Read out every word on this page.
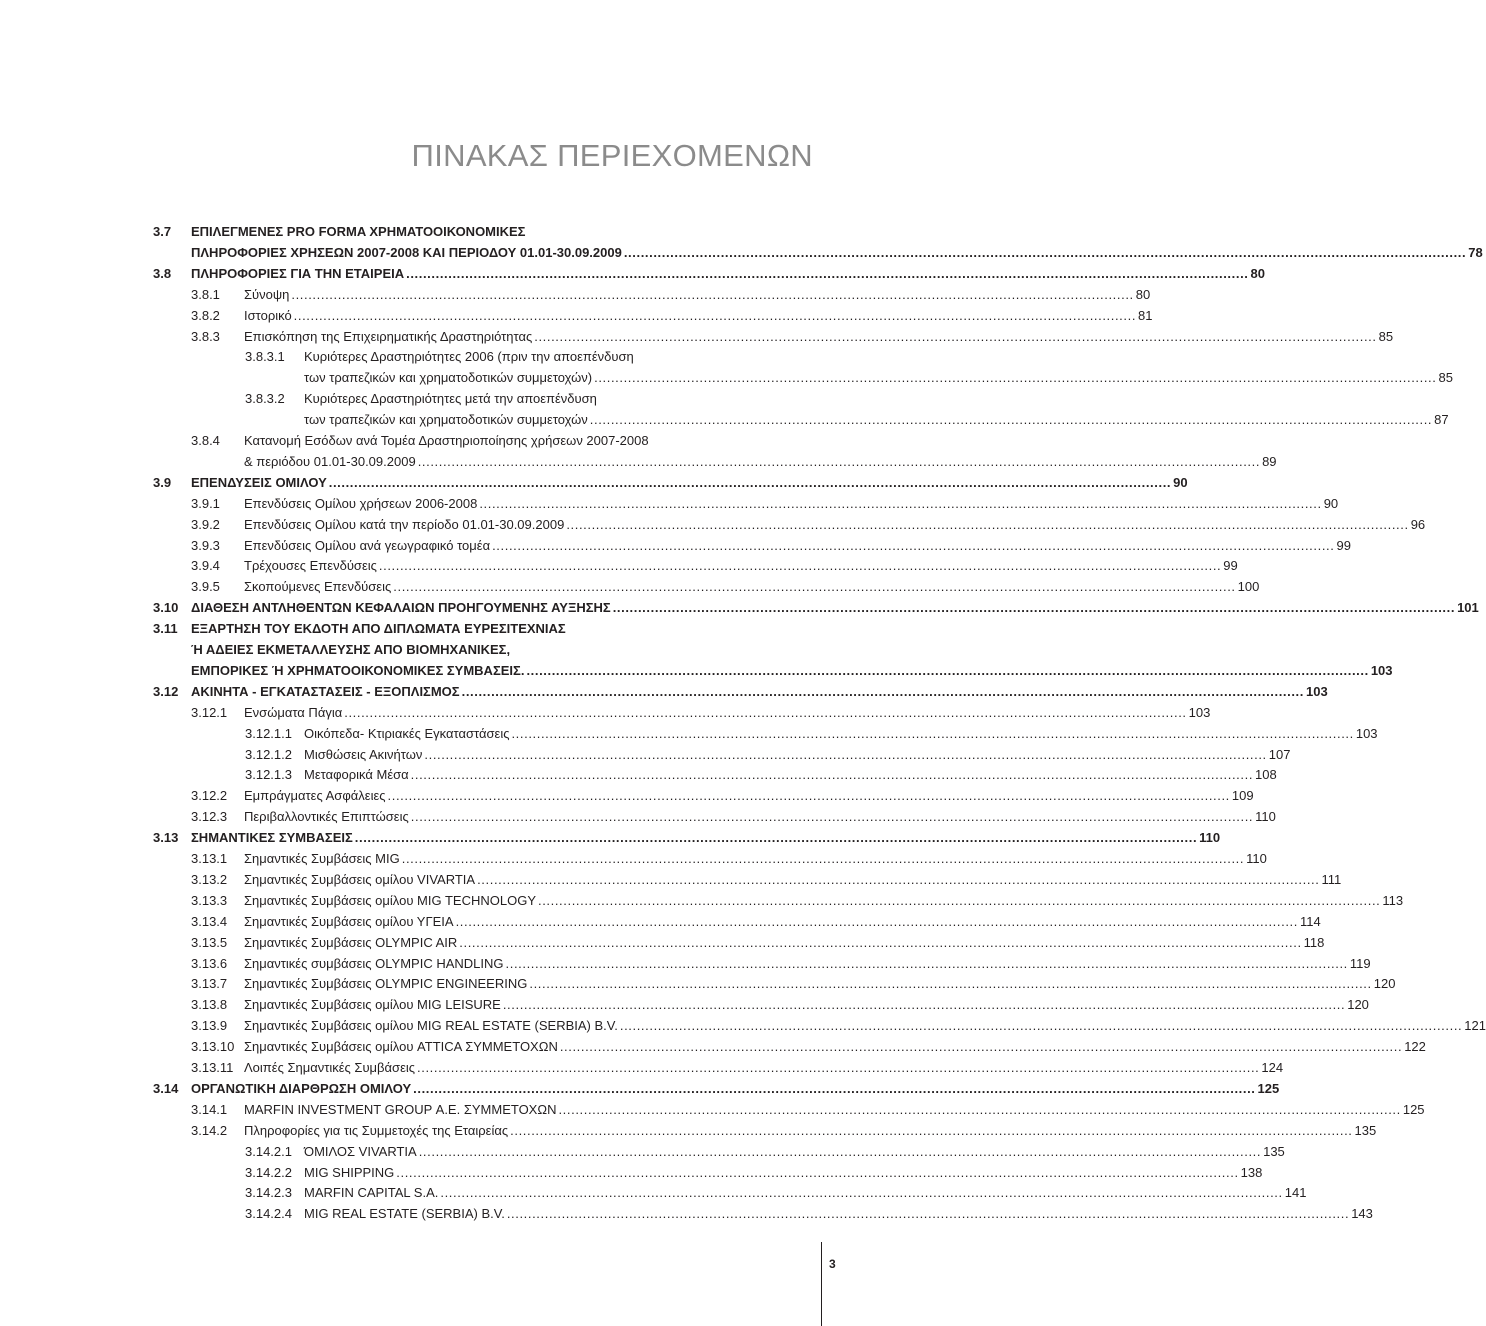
ΠΙΝΑΚΑΣ ΠΕΡΙΕΧΟΜΕΝΩΝ
3.7 ΕΠΙΛΕΓΜΕΝΕΣ PRO FORMA ΧΡΗΜΑΤΟΟΙΚΟΝΟΜΙΚΕΣ
ΠΛΗΡΟΦΟΡΙΕΣ ΧΡΗΣΕΩΝ 2007-2008 ΚΑΙ ΠΕΡΙΟΔΟΥ 01.01-30.09.2009 ........................................................................................................................................................................................................ 78
3.8 ΠΛΗΡΟΦΟΡΙΕΣ ΓΙΑ ΤΗΝ ΕΤΑΙΡΕΙΑ ........................................................................................................................................................................................................ 80
3.8.1 Σύνοψη ........................................................................................................................................................................................................ 80
3.8.2 Ιστορικό ........................................................................................................................................................................................................ 81
3.8.3 Επισκόπηση της Επιχειρηματικής Δραστηριότητας ........................................................................................................................................................................................................ 85
3.8.3.1 Κυριότερες Δραστηριότητες 2006 (πριν την αποεπένδυση
των τραπεζικών και χρηματοδοτικών συμμετοχών) ........................................................................................................................................................................................................ 85
3.8.3.2 Κυριότερες Δραστηριότητες μετά την αποεπένδυση
των τραπεζικών και χρηματοδοτικών συμμετοχών ........................................................................................................................................................................................................ 87
3.8.4 Κατανομή Εσόδων ανά Τομέα Δραστηριοποίησης χρήσεων 2007-2008
& περιόδου 01.01-30.09.2009 ........................................................................................................................................................................................................ 89
3.9 ΕΠΕΝΔΥΣΕΙΣ ΟΜΙΛΟΥ ........................................................................................................................................................................................................ 90
3.9.1 Επενδύσεις Ομίλου χρήσεων 2006-2008 ........................................................................................................................................................................................................ 90
3.9.2 Επενδύσεις Ομίλου κατά την περίοδο 01.01-30.09.2009 ........................................................................................................................................................................................................ 96
3.9.3 Επενδύσεις Ομίλου ανά γεωγραφικό τομέα ........................................................................................................................................................................................................ 99
3.9.4 Τρέχουσες Επενδύσεις ........................................................................................................................................................................................................ 99
3.9.5 Σκοπούμενες Επενδύσεις ........................................................................................................................................................................................................ 100
3.10 ΔΙΑΘΕΣΗ ΑΝΤΛΗΘΕΝΤΩΝ ΚΕΦΑΛΑΙΩΝ ΠΡΟΗΓΟΥΜΕΝΗΣ ΑΥΞΗΣΗΣ ........................................................................................................................................................................................................ 101
3.11 ΕΞΑΡΤΗΣΗ ΤΟΥ ΕΚΔΟΤΗ ΑΠΟ ΔΙΠΛΩΜΑΤΑ ΕΥΡΕΣΙΤΕΧΝΙΑΣ
Ή ΑΔΕΙΕΣ ΕΚΜΕΤΑΛΛΕΥΣΗΣ ΑΠΟ ΒΙΟΜΗΧΑΝΙΚΕΣ,
ΕΜΠΟΡΙΚΕΣ Ή ΧΡΗΜΑΤΟΟΙΚΟΝΟΜΙΚΕΣ ΣΥΜΒΑΣΕΙΣ. ........................................................................................................................................................................................................ 103
3.12 ΑΚΙΝΗΤΑ - ΕΓΚΑΤΑΣΤΑΣΕΙΣ - ΕΞΟΠΛΙΣΜΟΣ ........................................................................................................................................................................................................ 103
3.12.1 Ενσώματα Πάγια ........................................................................................................................................................................................................ 103
3.12.1.1 Οικόπεδα- Κτιριακές Εγκαταστάσεις ........................................................................................................................................................................................................ 103
3.12.1.2 Μισθώσεις Ακινήτων ........................................................................................................................................................................................................ 107
3.12.1.3 Μεταφορικά Μέσα ........................................................................................................................................................................................................ 108
3.12.2 Εμπράγματες Ασφάλειες ........................................................................................................................................................................................................ 109
3.12.3 Περιβαλλοντικές Επιπτώσεις ........................................................................................................................................................................................................ 110
3.13 ΣΗΜΑΝΤΙΚΕΣ ΣΥΜΒΑΣΕΙΣ ........................................................................................................................................................................................................ 110
3.13.1 Σημαντικές Συμβάσεις MIG ........................................................................................................................................................................................................ 110
3.13.2 Σημαντικές Συμβάσεις ομίλου VIVARTIA ........................................................................................................................................................................................................ 111
3.13.3 Σημαντικές Συμβάσεις ομίλου MIG TECHNOLOGY ........................................................................................................................................................................................................ 113
3.13.4 Σημαντικές Συμβάσεις ομίλου ΥΓΕΙΑ ........................................................................................................................................................................................................ 114
3.13.5 Σημαντικές Συμβάσεις OLYMPIC AIR ........................................................................................................................................................................................................ 118
3.13.6 Σημαντικές συμβάσεις OLYMPIC HANDLING ........................................................................................................................................................................................................ 119
3.13.7 Σημαντικές Συμβάσεις OLYMPIC ENGINEERING ........................................................................................................................................................................................................ 120
3.13.8 Σημαντικές Συμβάσεις ομίλου MIG LEISURE ........................................................................................................................................................................................................ 120
3.13.9 Σημαντικές Συμβάσεις ομίλου MIG REAL ESTATE (SERBIA) B.V. ........................................................................................................................................................................................................ 121
3.13.10 Σημαντικές Συμβάσεις ομίλου ATTICA ΣΥΜΜΕΤΟΧΩΝ ........................................................................................................................................................................................................ 122
3.13.11 Λοιπές Σημαντικές Συμβάσεις ........................................................................................................................................................................................................ 124
3.14 ΟΡΓΑΝΩΤΙΚΗ ΔΙΑΡΘΡΩΣΗ ΟΜΙΛΟΥ ........................................................................................................................................................................................................ 125
3.14.1 MARFIN INVESTMENT GROUP Α.Ε. ΣΥΜΜΕΤΟΧΩΝ ........................................................................................................................................................................................................ 125
3.14.2 Πληροφορίες για τις Συμμετοχές της Εταιρείας ........................................................................................................................................................................................................ 135
3.14.2.1 ΌΜΙΛΟΣ VIVARTIA ........................................................................................................................................................................................................ 135
3.14.2.2 MIG SHIPPING ........................................................................................................................................................................................................ 138
3.14.2.3 MARFIN CAPITAL S.A. ........................................................................................................................................................................................................ 141
3.14.2.4 MIG REAL ESTATE (SERBIA) B.V. ........................................................................................................................................................................................................ 143
3
